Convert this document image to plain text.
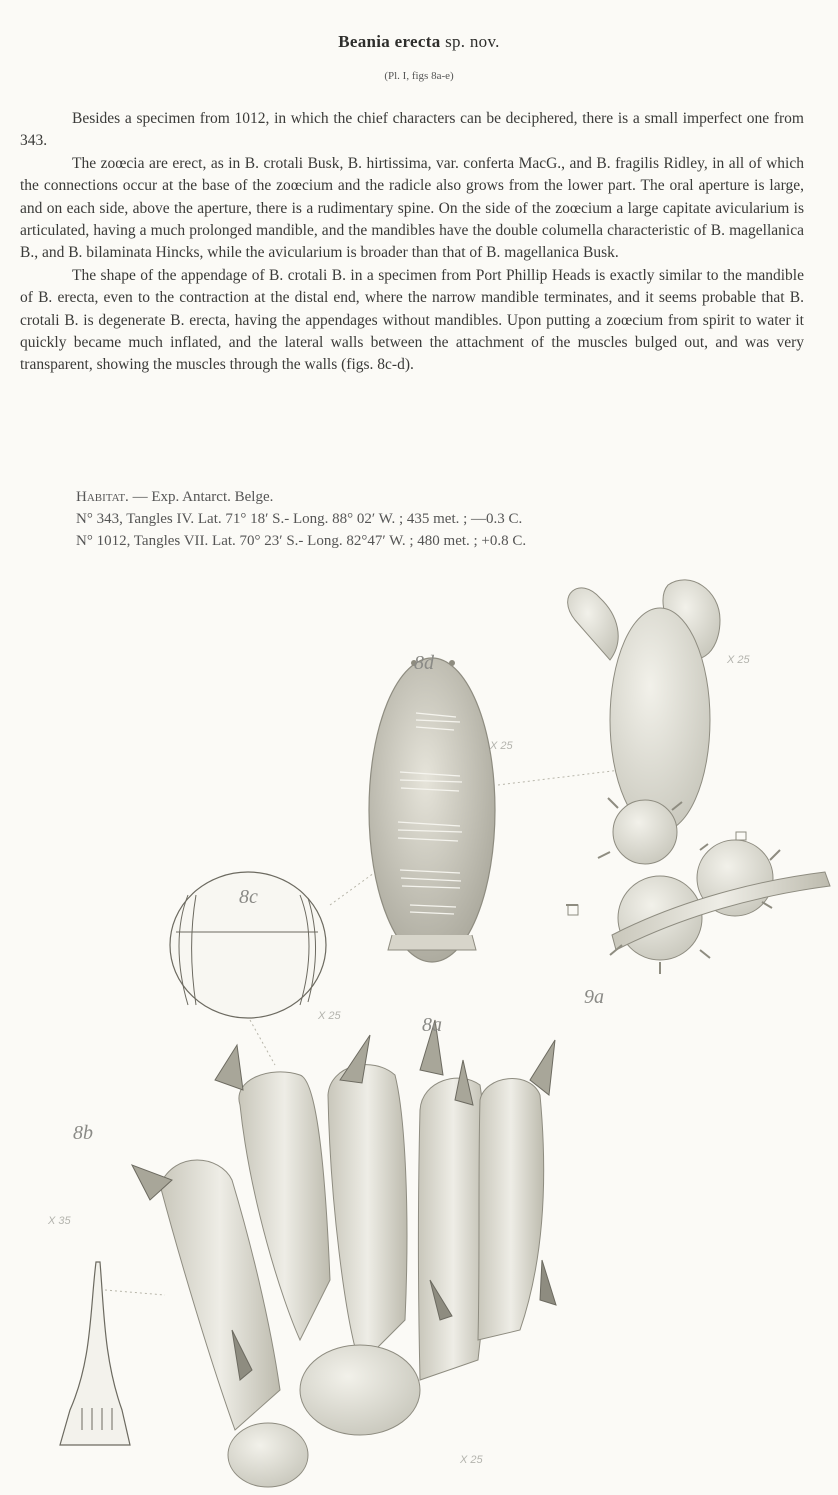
Beania erecta sp. nov.
(Pl. I, figs 8a-e)

Besides a specimen from 1012, in which the chief characters can be deciphered, there is a small imperfect one from 343.

The zoœcia are erect, as in B. crotali Busk, B. hirtissima, var. conferta MacG., and B. fragilis Ridley, in all of which the connections occur at the base of the zoœcium and the radicle also grows from the lower part. The oral aperture is large, and on each side, above the aperture, there is a rudimentary spine. On the side of the zoœcium a large capitate avicularium is articulated, having a much prolonged mandible, and the mandibles have the double columella characteristic of B. magellanica B., and B. bilaminata Hincks, while the avicularium is broader than that of B. magellanica Busk.

The shape of the appendage of B. crotali B. in a specimen from Port Phillip Heads is exactly similar to the mandible of B. erecta, even to the contraction at the distal end, where the narrow mandible terminates, and it seems probable that B. crotali B. is degenerate B. erecta, having the appendages without mandibles. Upon putting a zoœcium from spirit to water it quickly became much inflated, and the lateral walls between the attachment of the muscles bulged out, and was very transparent, showing the muscles through the walls (figs. 8c-d).

Habitat. — Exp. Antarct. Belge.
N° 343, Tangles IV. Lat. 71° 18′ S.- Long. 88° 02′ W. ; 435 met. ; —0.3 C.
N° 1012, Tangles VII. Lat. 70° 23′ S.- Long. 82°47′ W. ; 480 met. ; +0.8 C.
8d
8c
8a
8b
9a
X 25
X 25
X 35
X 25
X 25
